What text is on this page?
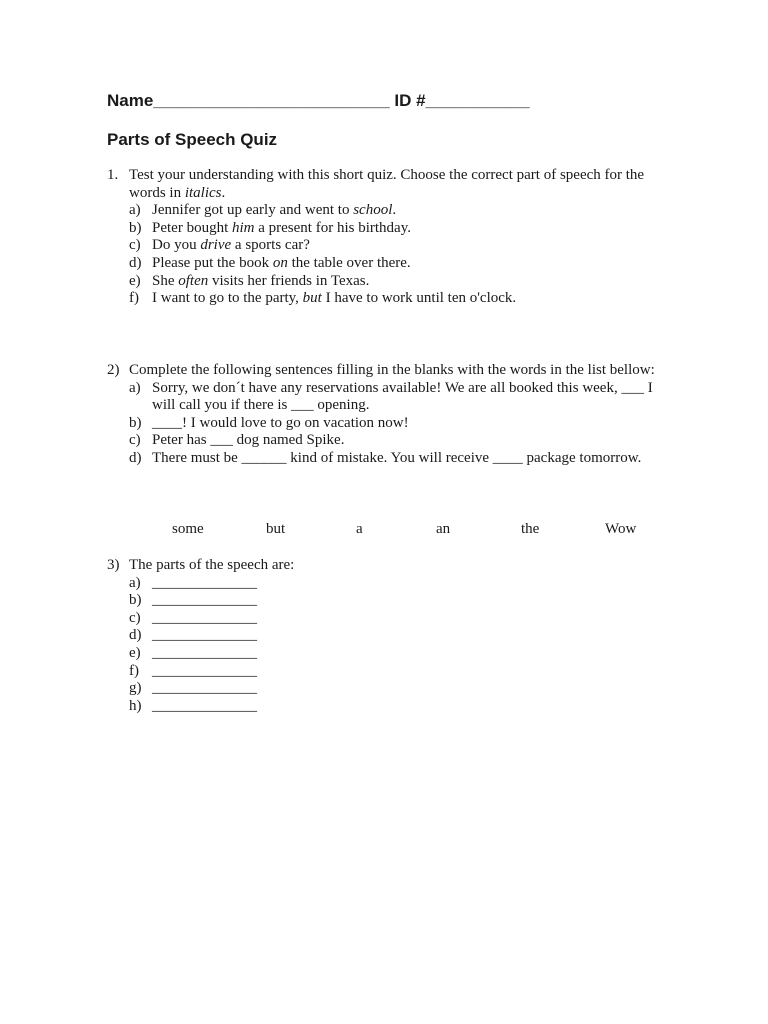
Name_________________________ ID #___________
Parts of Speech Quiz
1. Test your understanding with this short quiz. Choose the correct part of speech for the words in italics.
a) Jennifer got up early and went to school.
b) Peter bought him a present for his birthday.
c) Do you drive a sports car?
d) Please put the book on the table over there.
e) She often visits her friends in Texas.
f) I want to go to the party, but I have to work until ten o'clock.
2) Complete the following sentences filling in the blanks with the words in the list bellow:
a) Sorry, we don´t have any reservations available! We are all booked this week, ___ I will call you if there is ___ opening.
b) ____! I would love to go on vacation now!
c) Peter has ___ dog named Spike.
d) There must be ______ kind of mistake. You will receive ____ package tomorrow.
some	but	a	an	the	Wow
3) The parts of the speech are:
a) ______________
b) ______________
c) ______________
d) ______________
e) ______________
f) ______________
g) ______________
h) ______________
